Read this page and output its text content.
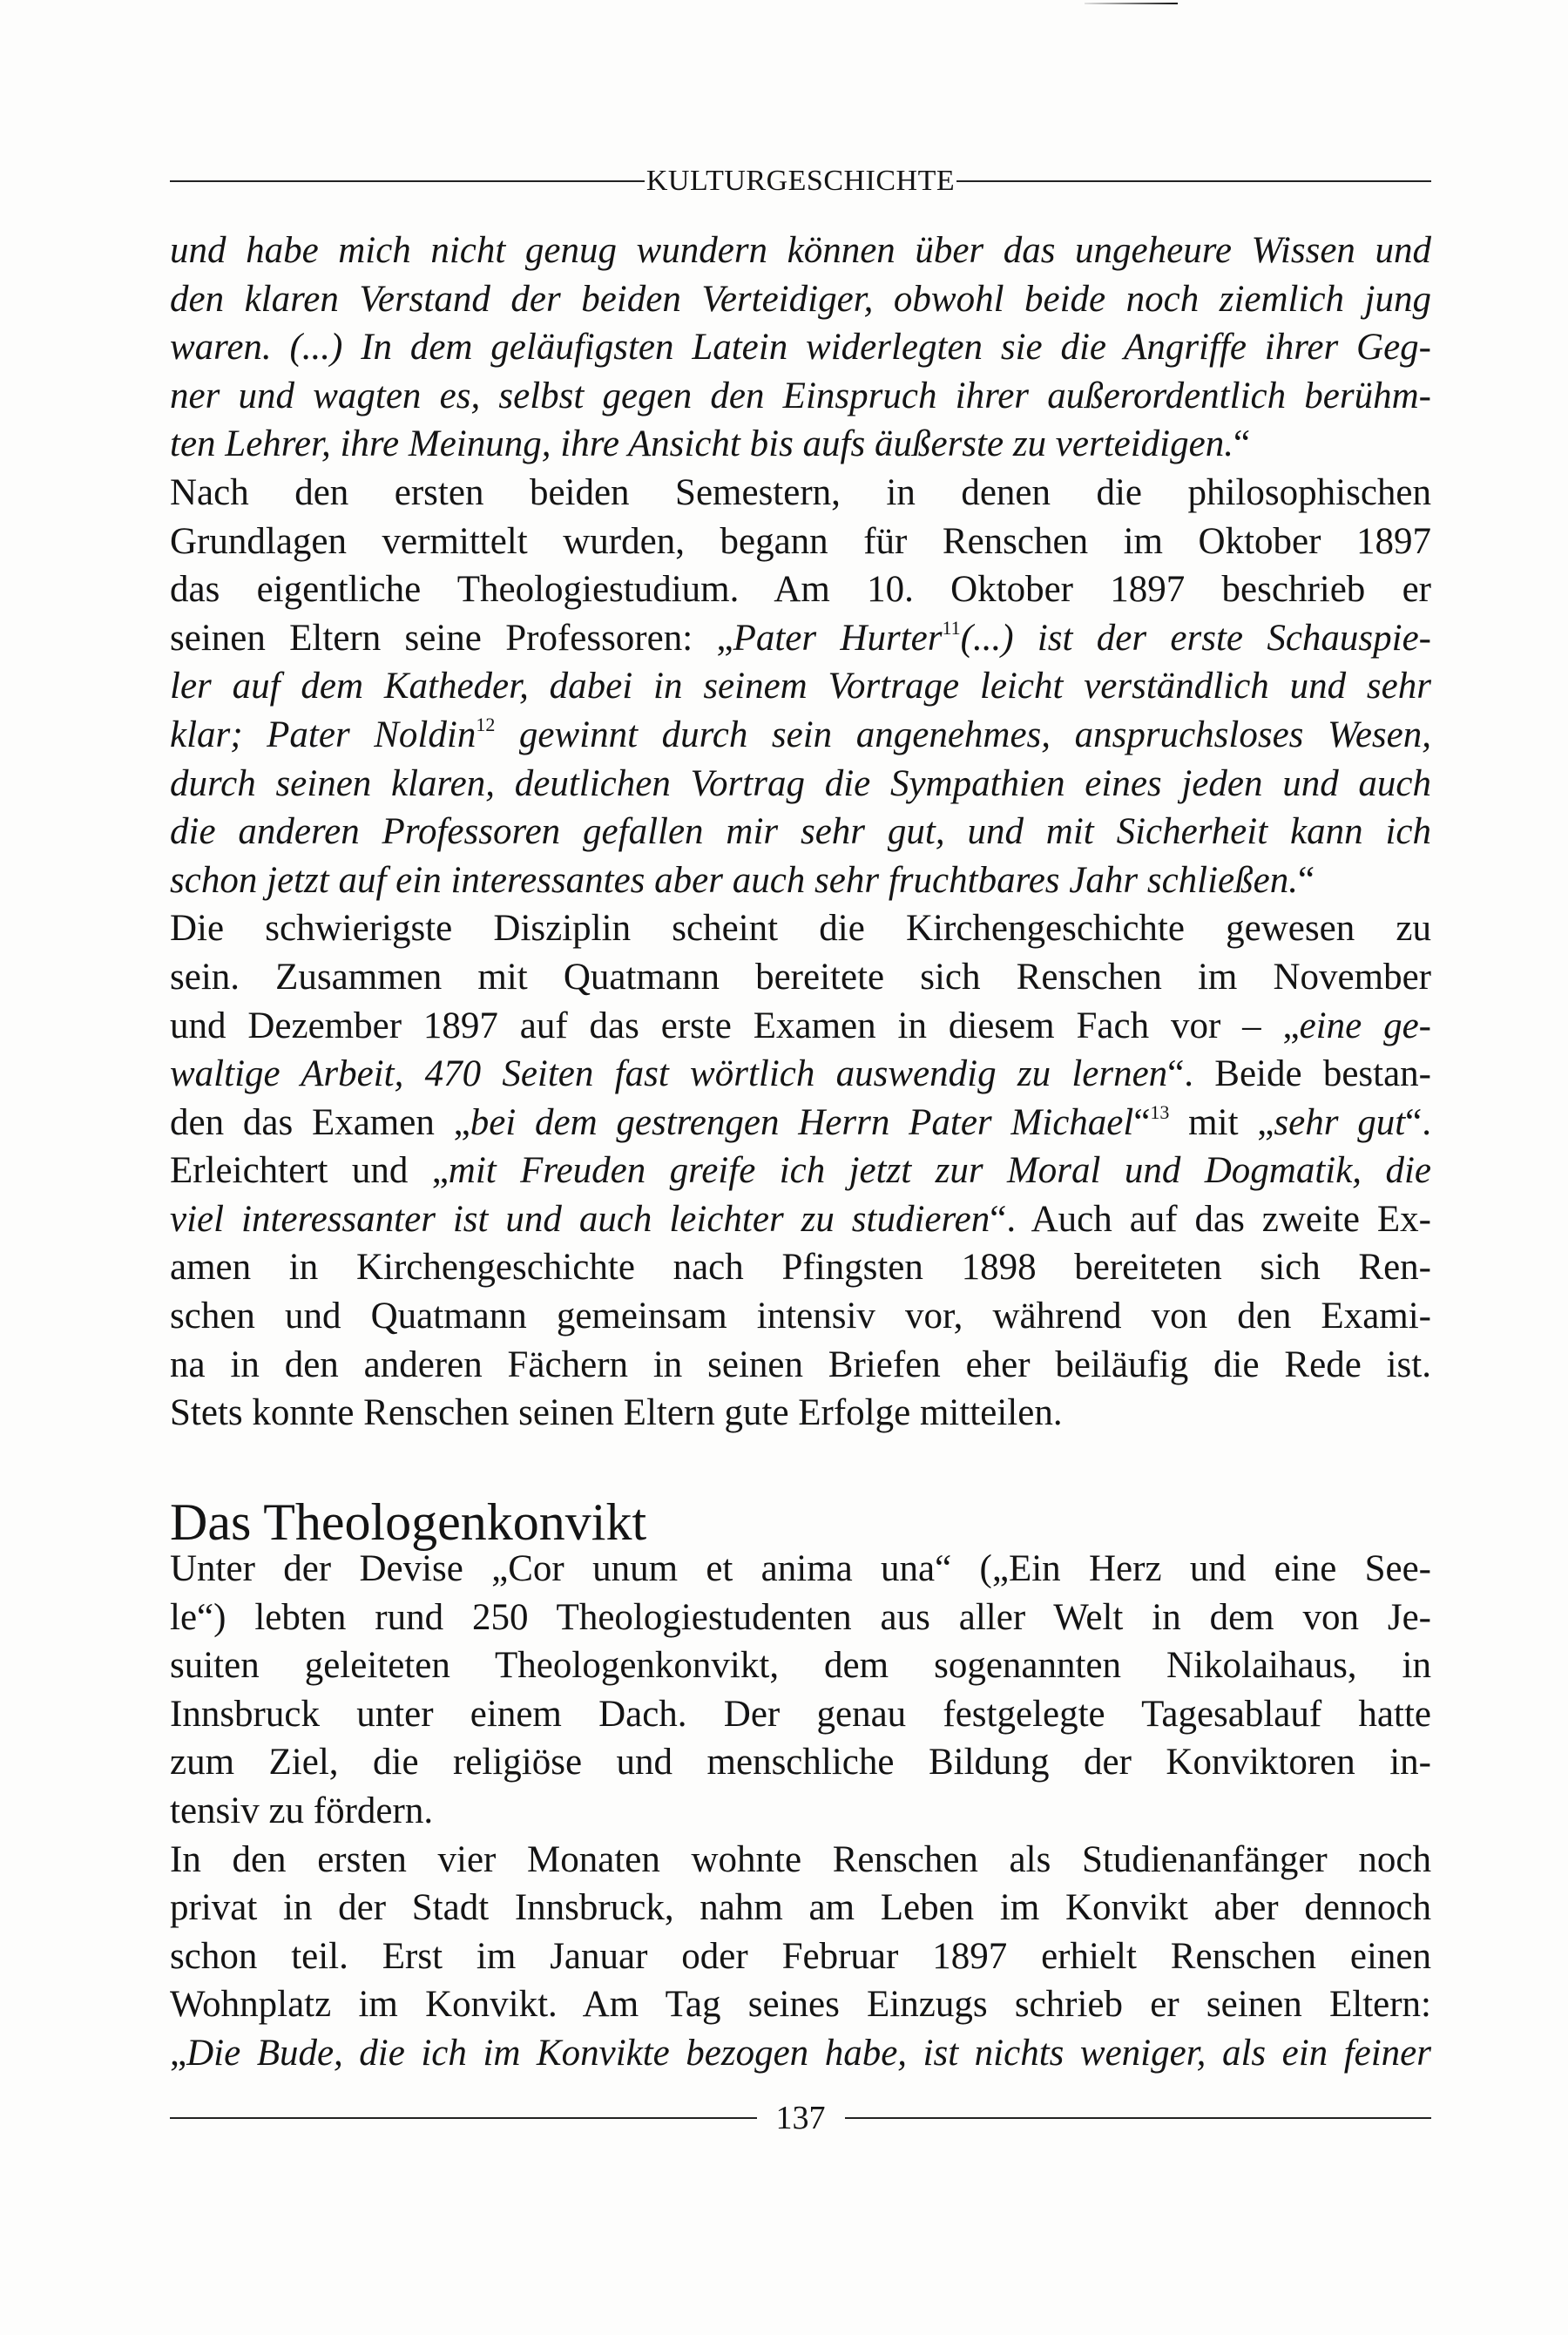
KULTURGESCHICHTE
und habe mich nicht genug wundern können über das ungeheure Wissen und
den klaren Verstand der beiden Verteidiger, obwohl beide noch ziemlich jung
waren. (...) In dem geläufigsten Latein widerlegten sie die Angriffe ihrer Geg-
ner und wagten es, selbst gegen den Einspruch ihrer außerordentlich berühm-
ten Lehrer, ihre Meinung, ihre Ansicht bis aufs äußerste zu verteidigen.“
Nach den ersten beiden Semestern, in denen die philosophischen
Grundlagen vermittelt wurden, begann für Renschen im Oktober 1897
das eigentliche Theologiestudium. Am 10. Oktober 1897 beschrieb er
seinen Eltern seine Professoren: „Pater Hurter$^{11}$(...) ist der erste Schauspie-
ler auf dem Katheder, dabei in seinem Vortrage leicht verständlich und sehr
klar; Pater Noldin$^{12}$ gewinnt durch sein angenehmes, anspruchsloses Wesen,
durch seinen klaren, deutlichen Vortrag die Sympathien eines jeden und auch
die anderen Professoren gefallen mir sehr gut, und mit Sicherheit kann ich
schon jetzt auf ein interessantes aber auch sehr fruchtbares Jahr schließen.“
Die schwierigste Disziplin scheint die Kirchengeschichte gewesen zu
sein. Zusammen mit Quatmann bereitete sich Renschen im November
und Dezember 1897 auf das erste Examen in diesem Fach vor – „eine ge-
waltige Arbeit, 470 Seiten fast wörtlich auswendig zu lernen“. Beide bestan-
den das Examen „bei dem gestrengen Herrn Pater Michael“$^{13}$ mit „sehr gut“.
Erleichtert und „mit Freuden greife ich jetzt zur Moral und Dogmatik, die
viel interessanter ist und auch leichter zu studieren“. Auch auf das zweite Ex-
amen in Kirchengeschichte nach Pfingsten 1898 bereiteten sich Ren-
schen und Quatmann gemeinsam intensiv vor, während von den Exami-
na in den anderen Fächern in seinen Briefen eher beiläufig die Rede ist.
Stets konnte Renschen seinen Eltern gute Erfolge mitteilen.
Das Theologenkonvikt
Unter der Devise „Cor unum et anima una“ („Ein Herz und eine See-
le“) lebten rund 250 Theologiestudenten aus aller Welt in dem von Je-
suiten geleiteten Theologenkonvikt, dem sogenannten Nikolaihaus, in
Innsbruck unter einem Dach. Der genau festgelegte Tagesablauf hatte
zum Ziel, die religiöse und menschliche Bildung der Konviktoren in-
tensiv zu fördern.
In den ersten vier Monaten wohnte Renschen als Studienanfänger noch
privat in der Stadt Innsbruck, nahm am Leben im Konvikt aber dennoch
schon teil. Erst im Januar oder Februar 1897 erhielt Renschen einen
Wohnplatz im Konvikt. Am Tag seines Einzugs schrieb er seinen Eltern:
„Die Bude, die ich im Konvikte bezogen habe, ist nichts weniger, als ein feiner
137
